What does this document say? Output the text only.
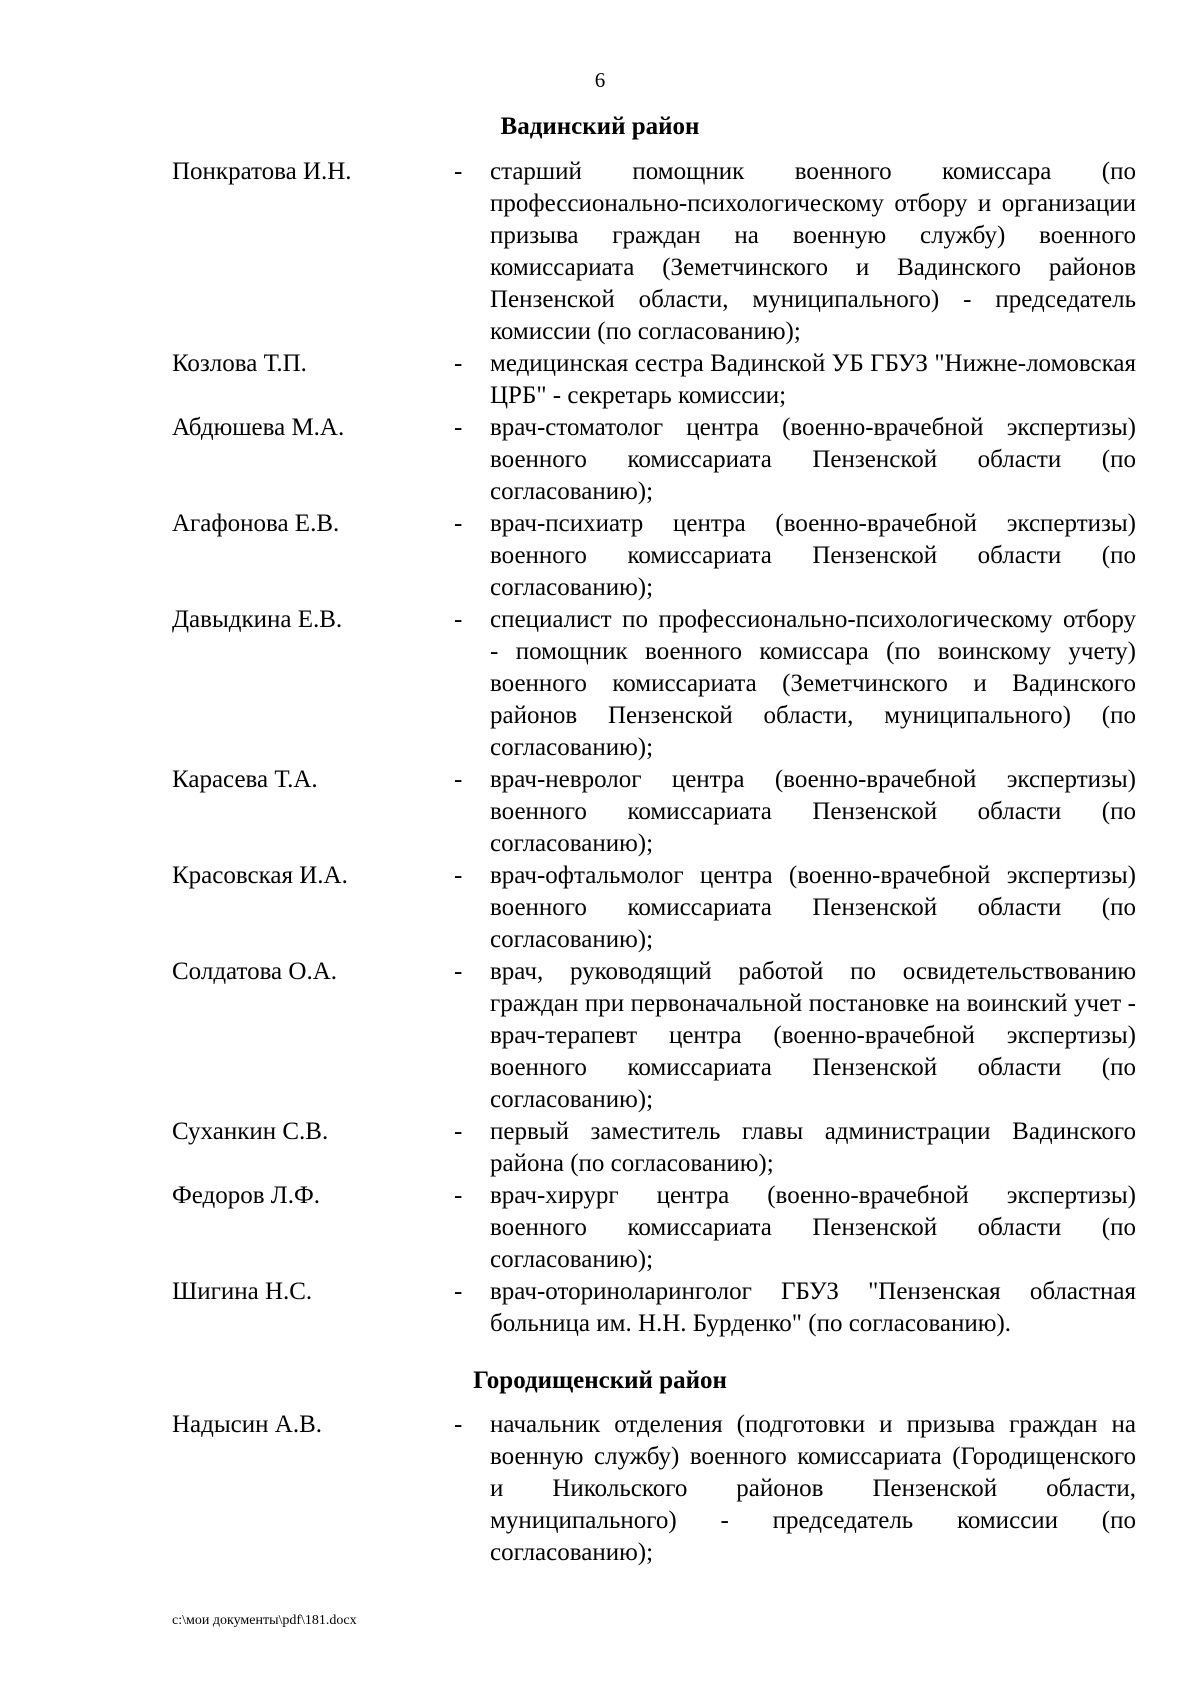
6
Вадинский район
Понкратова И.Н.	-	старший помощник военного комиссара (по профессионально-психологическому отбору и организации призыва граждан на военную службу) военного комиссариата (Земетчинского и Вадинского районов Пензенской области, муниципального) - председатель комиссии (по согласованию);
Козлова Т.П.	-	медицинская сестра Вадинской УБ ГБУЗ "Нижне-ломовская ЦРБ" - секретарь комиссии;
Абдюшева М.А.	-	врач-стоматолог центра (военно-врачебной экспертизы) военного комиссариата Пензенской области (по согласованию);
Агафонова Е.В.	-	врач-психиатр центра (военно-врачебной экспертизы) военного комиссариата Пензенской области (по согласованию);
Давыдкина Е.В.	-	специалист по профессионально-психологическому отбору - помощник военного комиссара (по воинскому учету) военного комиссариата (Земетчинского и Вадинского районов Пензенской области, муниципального) (по согласованию);
Карасева Т.А.	-	врач-невролог центра (военно-врачебной экспертизы) военного комиссариата Пензенской области (по согласованию);
Красовская И.А.	-	врач-офтальмолог центра (военно-врачебной экспертизы) военного комиссариата Пензенской области (по согласованию);
Солдатова О.А.	-	врач, руководящий работой по освидетельствованию граждан при первоначальной постановке на воинский учет - врач-терапевт центра (военно-врачебной экспертизы) военного комиссариата Пензенской области (по согласованию);
Суханкин С.В.	-	первый заместитель главы администрации Вадинского района (по согласованию);
Федоров Л.Ф.	-	врач-хирург центра (военно-врачебной экспертизы) военного комиссариата Пензенской области (по согласованию);
Шигина Н.С.	-	врач-оториноларинголог ГБУЗ "Пензенская областная больница им. Н.Н. Бурденко" (по согласованию).
Городищенский район
Надысин А.В.	-	начальник отделения (подготовки и призыва граждан на военную службу) военного комиссариата (Городищенского и Никольского районов Пензенской области, муниципального) - председатель комиссии (по согласованию);
c:\мои документы\pdf\181.docx
